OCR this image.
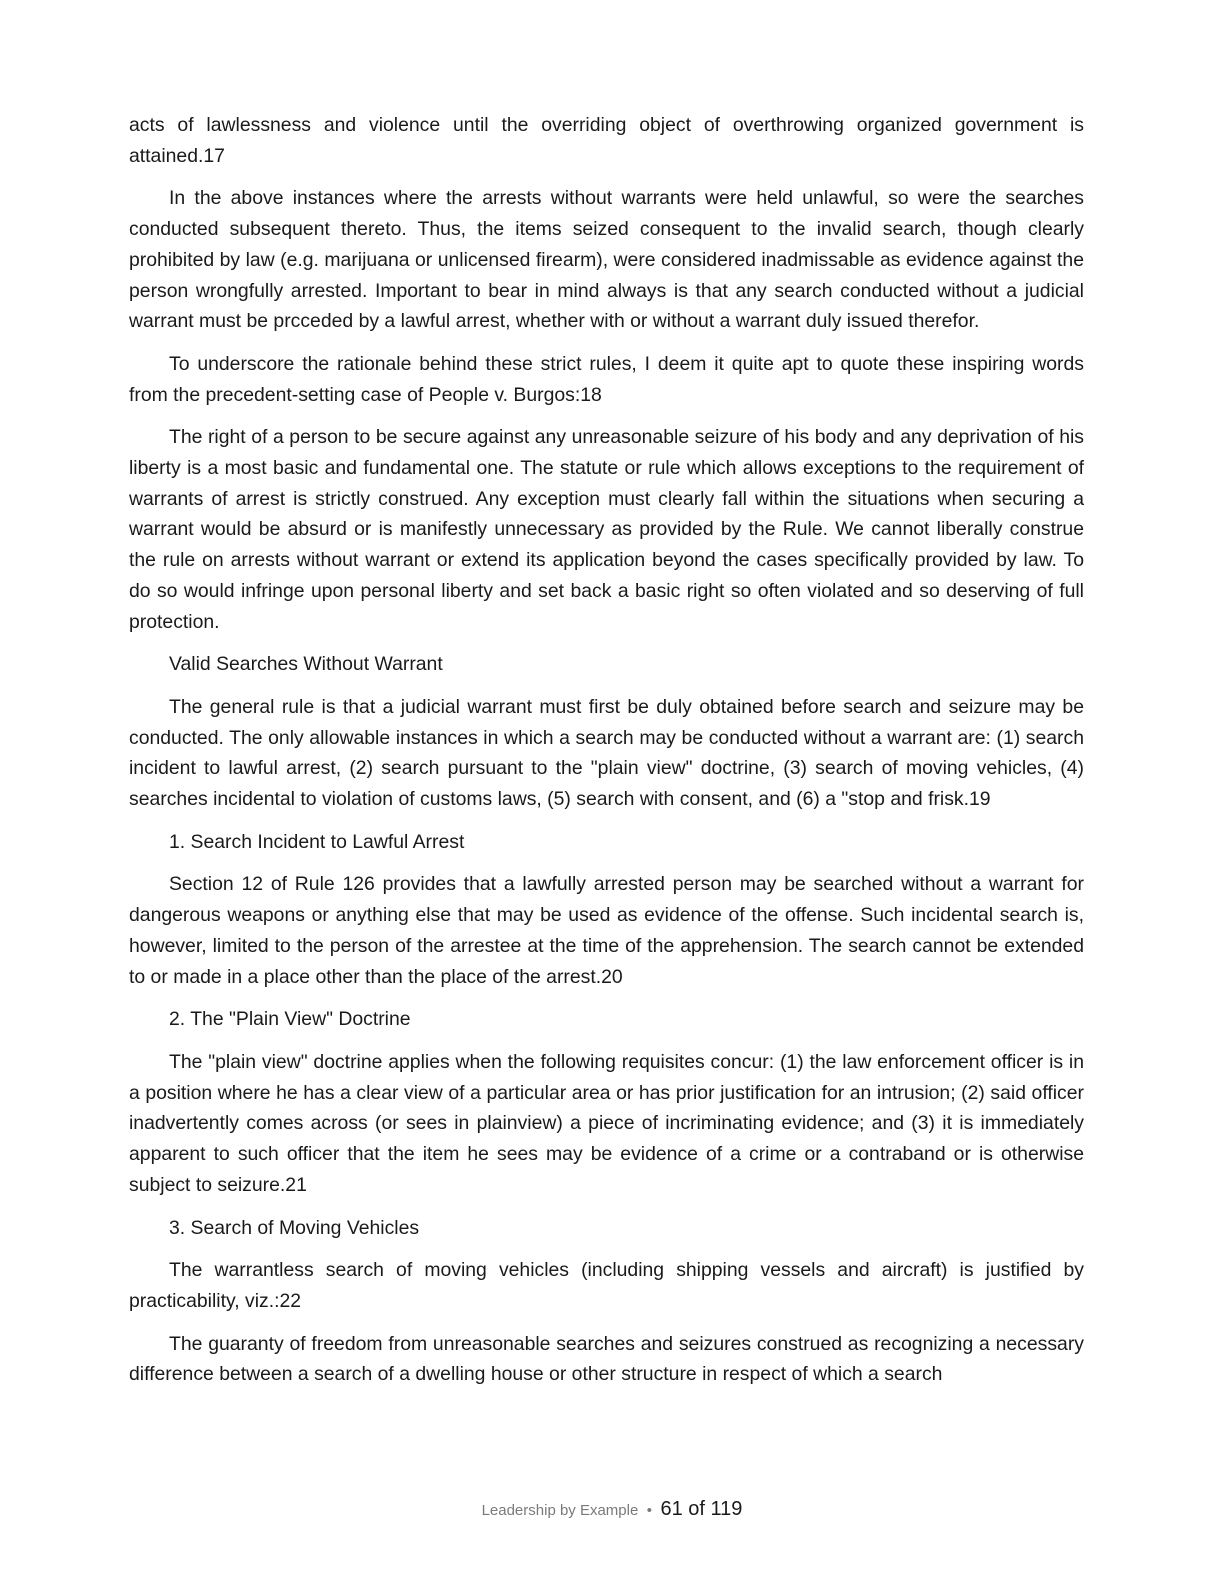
acts of lawlessness and violence until the overriding object of overthrowing organized government is attained.17

In the above instances where the arrests without warrants were held unlawful, so were the searches conducted subsequent thereto. Thus, the items seized consequent to the invalid search, though clearly prohibited by law (e.g. marijuana or unlicensed firearm), were considered inadmissable as evidence against the person wrongfully arrested. Important to bear in mind always is that any search conducted without a judicial warrant must be prcceded by a lawful arrest, whether with or without a warrant duly issued therefor.

To underscore the rationale behind these strict rules, I deem it quite apt to quote these inspiring words from the precedent-setting case of People v. Burgos:18

The right of a person to be secure against any unreasonable seizure of his body and any deprivation of his liberty is a most basic and fundamental one. The statute or rule which allows exceptions to the requirement of warrants of arrest is strictly construed. Any exception must clearly fall within the situations when securing a warrant would be absurd or is manifestly unnecessary as provided by the Rule. We cannot liberally construe the rule on arrests without warrant or extend its application beyond the cases specifically provided by law. To do so would infringe upon personal liberty and set back a basic right so often violated and so deserving of full protection.

Valid Searches Without Warrant

The general rule is that a judicial warrant must first be duly obtained before search and seizure may be conducted. The only allowable instances in which a search may be conducted without a warrant are: (1) search incident to lawful arrest, (2) search pursuant to the "plain view" doctrine, (3) search of moving vehicles, (4) searches incidental to violation of customs laws, (5) search with consent, and (6) a "stop and frisk.19

1. Search Incident to Lawful Arrest

Section 12 of Rule 126 provides that a lawfully arrested person may be searched without a warrant for dangerous weapons or anything else that may be used as evidence of the offense. Such incidental search is, however, limited to the person of the arrestee at the time of the apprehension. The search cannot be extended to or made in a place other than the place of the arrest.20

2. The "Plain View" Doctrine

The "plain view" doctrine applies when the following requisites concur: (1) the law enforcement officer is in a position where he has a clear view of a particular area or has prior justification for an intrusion; (2) said officer inadvertently comes across (or sees in plainview) a piece of incriminating evidence; and (3) it is immediately apparent to such officer that the item he sees may be evidence of a crime or a contraband or is otherwise subject to seizure.21

3. Search of Moving Vehicles

The warrantless search of moving vehicles (including shipping vessels and aircraft) is justified by practicability, viz.:22

The guaranty of freedom from unreasonable searches and seizures construed as recognizing a necessary difference between a search of a dwelling house or other structure in respect of which a search

Leadership by Example • 61 of 119
